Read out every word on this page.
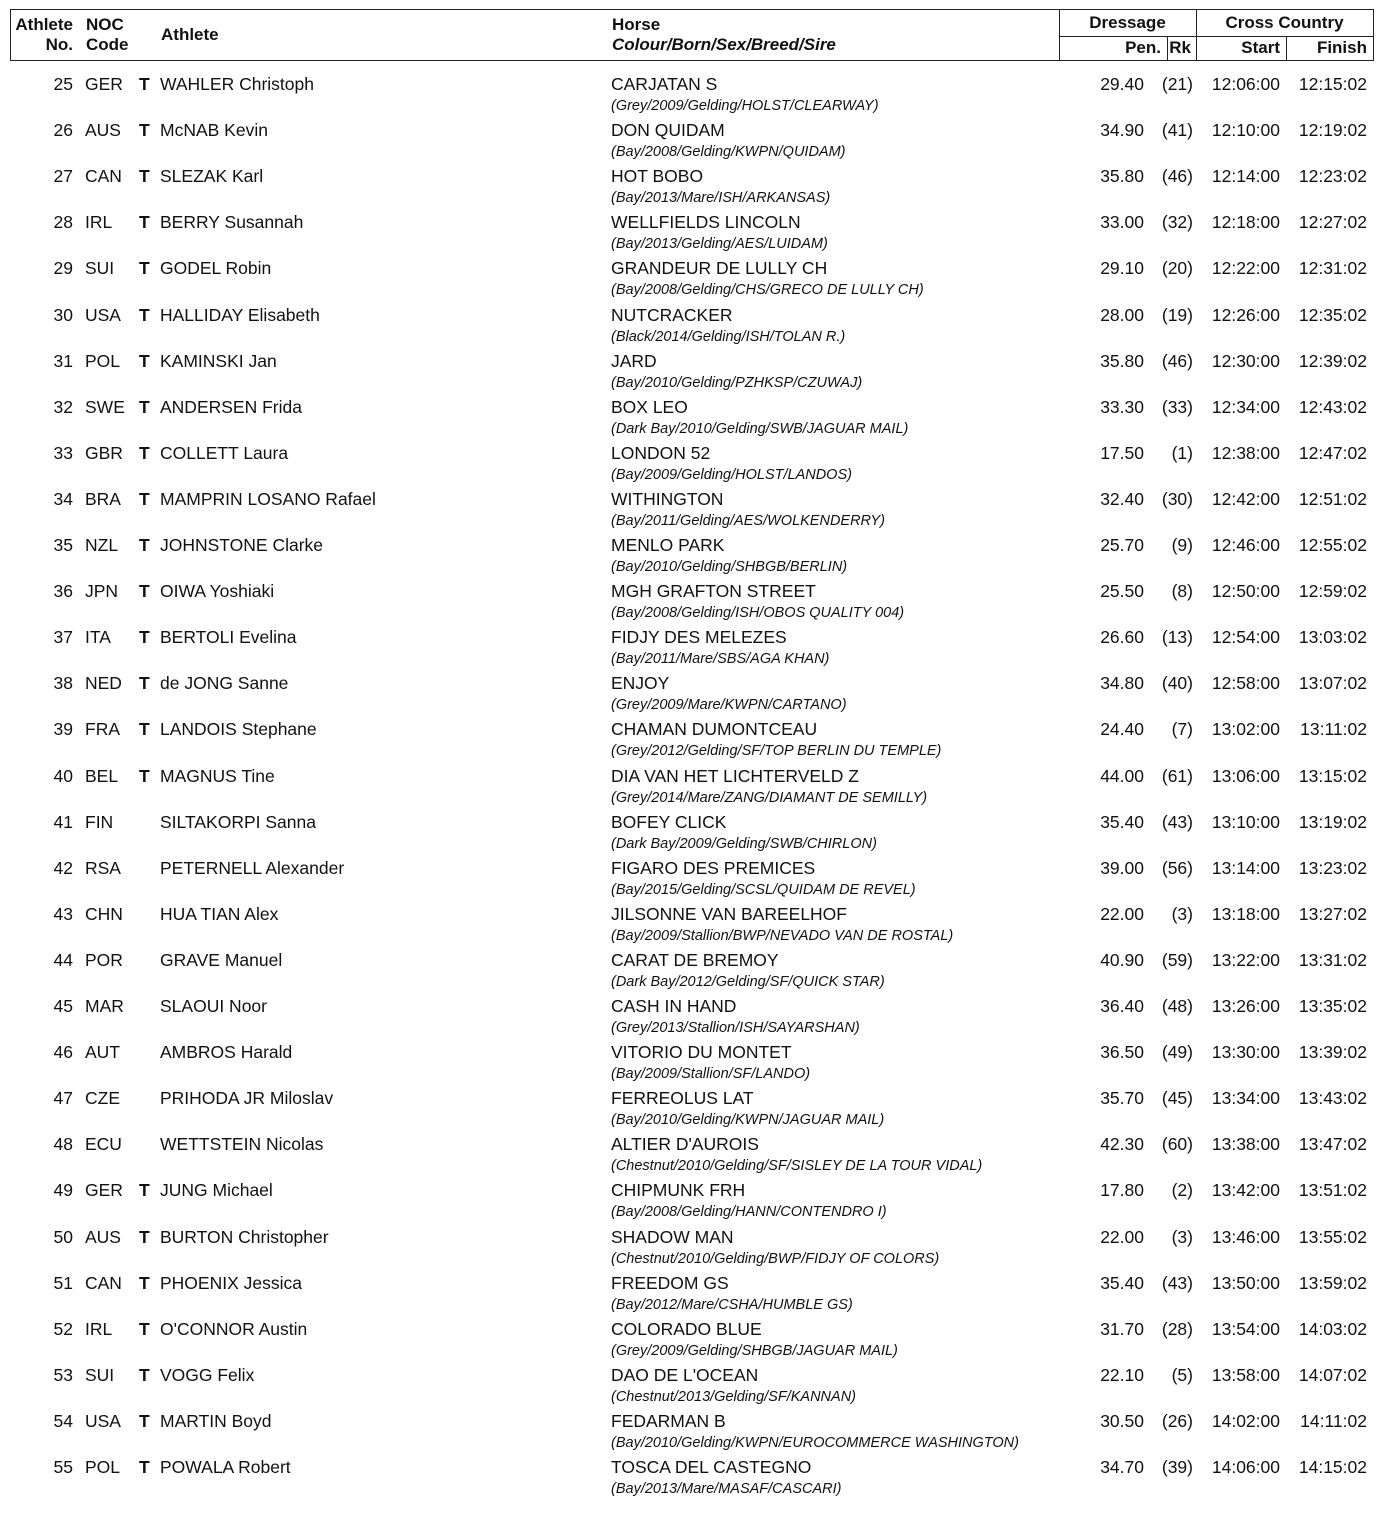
Athlete
No.
NOC
Code
Athlete
Horse
Colour/Born/Sex/Breed/Sire
Dressage	Cross Country
Pen. Rk	Start	Finish
25 GER T WAHLER Christoph	CARJATAN S
(Grey/2009/Gelding/HOLST/CLEARWAY)
29.40	(21)	12:06:00	12:15:02
26 AUS T McNAB Kevin	DON QUIDAM
(Bay/2008/Gelding/KWPN/QUIDAM)
34.90	(41)	12:10:00	12:19:02
27 CAN T SLEZAK Karl	HOT BOBO
(Bay/2013/Mare/ISH/ARKANSAS)
35.80	(46)	12:14:00	12:23:02
28 IRL T BERRY Susannah	WELLFIELDS LINCOLN
(Bay/2013/Gelding/AES/LUIDAM)
33.00	(32)	12:18:00	12:27:02
29 SUI T GODEL Robin	GRANDEUR DE LULLY CH
(Bay/2008/Gelding/CHS/GRECO DE LULLY CH)
29.10	(20)	12:22:00	12:31:02
30 USA T HALLIDAY Elisabeth	NUTCRACKER
(Black/2014/Gelding/ISH/TOLAN R.)
28.00	(19)	12:26:00	12:35:02
31 POL T KAMINSKI Jan	JARD
(Bay/2010/Gelding/PZHKSP/CZUWAJ)
35.80	(46)	12:30:00	12:39:02
32 SWE T ANDERSEN Frida	BOX LEO
(Dark Bay/2010/Gelding/SWB/JAGUAR MAIL)
33.30	(33)	12:34:00	12:43:02
33 GBR T COLLETT Laura	LONDON 52
(Bay/2009/Gelding/HOLST/LANDOS)
17.50	(1)	12:38:00	12:47:02
34 BRA T MAMPRIN LOSANO Rafael	WITHINGTON
(Bay/2011/Gelding/AES/WOLKENDERRY)
32.40	(30)	12:42:00	12:51:02
35 NZL T JOHNSTONE Clarke	MENLO PARK
(Bay/2010/Gelding/SHBGB/BERLIN)
25.70	(9)	12:46:00	12:55:02
36 JPN T OIWA Yoshiaki	MGH GRAFTON STREET
(Bay/2008/Gelding/ISH/OBOS QUALITY 004)
25.50	(8)	12:50:00	12:59:02
37 ITA T BERTOLI Evelina	FIDJY DES MELEZES
(Bay/2011/Mare/SBS/AGA KHAN)
26.60	(13)	12:54:00	13:03:02
38 NED T de JONG Sanne	ENJOY
(Grey/2009/Mare/KWPN/CARTANO)
34.80	(40)	12:58:00	13:07:02
39 FRA T LANDOIS Stephane	CHAMAN DUMONTCEAU
(Grey/2012/Gelding/SF/TOP BERLIN DU TEMPLE)
24.40	(7)	13:02:00	13:11:02
40 BEL T MAGNUS Tine	DIA VAN HET LICHTERVELD Z
(Grey/2014/Mare/ZANG/DIAMANT DE SEMILLY)
44.00	(61)	13:06:00	13:15:02
41 FIN	SILTAKORPI Sanna	BOFEY CLICK
(Dark Bay/2009/Gelding/SWB/CHIRLON)
35.40	(43)	13:10:00	13:19:02
42 RSA PETERNELL Alexander	FIGARO DES PREMICES
(Bay/2015/Gelding/SCSL/QUIDAM DE REVEL)
39.00	(56)	13:14:00	13:23:02
43 CHN HUA TIAN Alex	JILSONNE VAN BAREELHOF
(Bay/2009/Stallion/BWP/NEVADO VAN DE ROSTAL)
22.00	(3)	13:18:00	13:27:02
44 POR GRAVE Manuel	CARAT DE BREMOY
(Dark Bay/2012/Gelding/SF/QUICK STAR)
40.90	(59)	13:22:00	13:31:02
45 MAR SLAOUI Noor	CASH IN HAND
(Grey/2013/Stallion/ISH/SAYARSHAN)
36.40	(48)	13:26:00	13:35:02
46 AUT AMBROS Harald	VITORIO DU MONTET
(Bay/2009/Stallion/SF/LANDO)
36.50	(49)	13:30:00	13:39:02
47 CZE PRIHODA JR Miloslav	FERREOLUS LAT
(Bay/2010/Gelding/KWPN/JAGUAR MAIL)
35.70	(45)	13:34:00	13:43:02
48 ECU WETTSTEIN Nicolas	ALTIER D'AUROIS
(Chestnut/2010/Gelding/SF/SISLEY DE LA TOUR VIDAL)
42.30	(60)	13:38:00	13:47:02
49 GER T JUNG Michael	CHIPMUNK FRH
(Bay/2008/Gelding/HANN/CONTENDRO I)
17.80	(2)	13:42:00	13:51:02
50 AUS T BURTON Christopher	SHADOW MAN
(Chestnut/2010/Gelding/BWP/FIDJY OF COLORS)
22.00	(3)	13:46:00	13:55:02
51 CAN T PHOENIX Jessica	FREEDOM GS
(Bay/2012/Mare/CSHA/HUMBLE GS)
35.40	(43)	13:50:00	13:59:02
52 IRL T O'CONNOR Austin	COLORADO BLUE
(Grey/2009/Gelding/SHBGB/JAGUAR MAIL)
31.70	(28)	13:54:00	14:03:02
53 SUI T VOGG Felix	DAO DE L'OCEAN
(Chestnut/2013/Gelding/SF/KANNAN)
22.10	(5)	13:58:00	14:07:02
54 USA T MARTIN Boyd	FEDARMAN B
(Bay/2010/Gelding/KWPN/EUROCOMMERCE WASHINGTON)
30.50	(26)	14:02:00	14:11:02
55 POL T POWALA Robert	TOSCA DEL CASTEGNO
(Bay/2013/Mare/MASAF/CASCARI)
34.70	(39)	14:06:00	14:15:02
